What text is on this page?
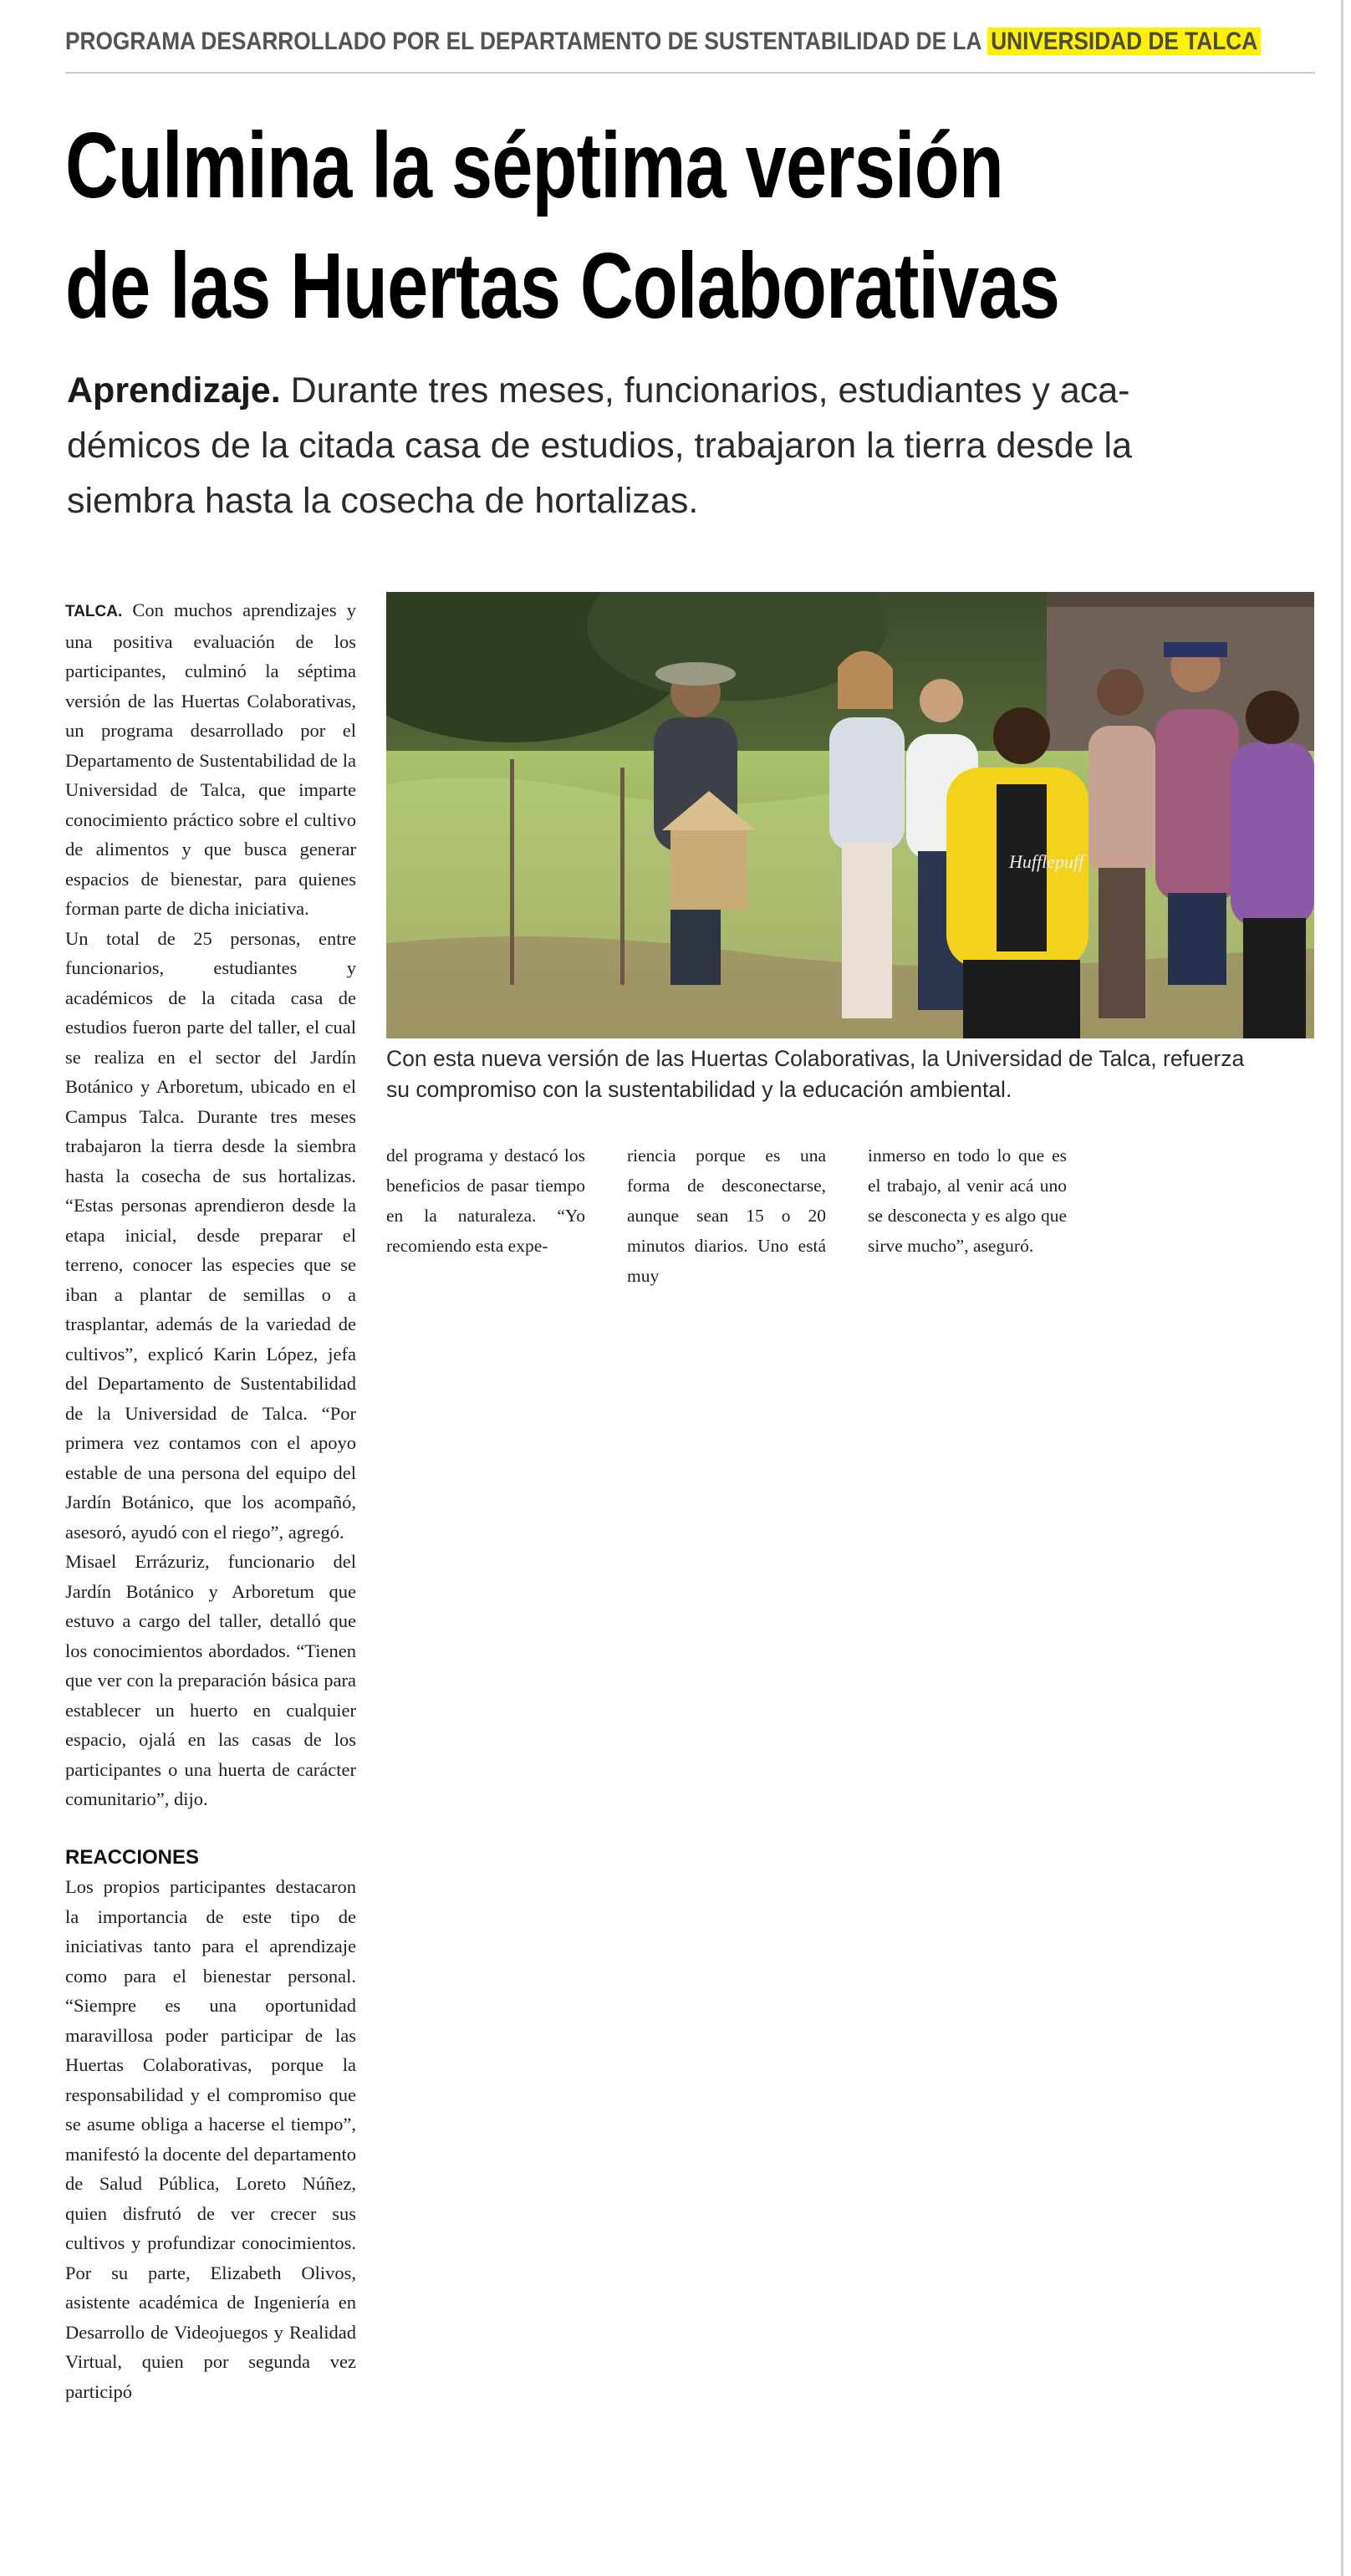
PROGRAMA DESARROLLADO POR EL DEPARTAMENTO DE SUSTENTABILIDAD DE LA UNIVERSIDAD DE TALCA
Culmina la séptima versión
de las Huertas Colaborativas
Aprendizaje. Durante tres meses, funcionarios, estudiantes y aca-
démicos de la citada casa de estudios, trabajaron la tierra desde la
siembra hasta la cosecha de hortalizas.

TALCA. Con muchos aprendizajes y una positiva evaluación de los participantes, culminó la séptima versión de las Huertas Colaborativas, un programa desarrollado por el Departamento de Sustentabilidad de la Universidad de Talca, que imparte conocimiento práctico sobre el cultivo de alimentos y que busca generar espacios de bienestar, para quienes forman parte de dicha iniciativa.

Un total de 25 personas, entre funcionarios, estudiantes y académicos de la citada casa de estudios fueron parte del taller, el cual se realiza en el sector del Jardín Botánico y Arboretum, ubicado en el Campus Talca. Durante tres meses trabajaron la tierra desde la siembra hasta la cosecha de sus hortalizas. “Estas personas aprendieron desde la etapa inicial, desde preparar el terreno, conocer las especies que se iban a plantar de semillas o a trasplantar, además de la variedad de cultivos”, explicó Karin López, jefa del Departamento de Sustentabilidad de la Universidad de Talca. “Por primera vez contamos con el apoyo estable de una persona del equipo del Jardín Botánico, que los acompañó, asesoró, ayudó con el riego”, agregó.

Misael Errázuriz, funcionario del Jardín Botánico y Arboretum que estuvo a cargo del taller, detalló que los conocimientos abordados. “Tienen que ver con la preparación básica para establecer un huerto en cualquier espacio, ojalá en las casas de los participantes o una huerta de carácter comunitario”, dijo.

REACCIONES

Los propios participantes destacaron la importancia de este tipo de iniciativas tanto para el aprendizaje como para el bienestar personal. “Siempre es una oportunidad maravillosa poder participar de las Huertas Colaborativas, porque la responsabilidad y el compromiso que se asume obliga a hacerse el tiempo”, manifestó la docente del departamento de Salud Pública, Loreto Núñez, quien disfrutó de ver crecer sus cultivos y profundizar conocimientos. Por su parte, Elizabeth Olivos, asistente académica de Ingeniería en Desarrollo de Videojuegos y Realidad Virtual, quien por segunda vez participó

Hufflepuff
Con esta nueva versión de las Huertas Colaborativas, la Universidad de Talca, refuerza
su compromiso con la sustentabilidad y la educación ambiental.

del programa y destacó los beneficios de pasar tiempo en la naturaleza. “Yo recomiendo esta expe-

riencia porque es una forma de desconectarse, aunque sean 15 o 20 minutos diarios. Uno está muy

inmerso en todo lo que es el trabajo, al venir acá uno se desconecta y es algo que sirve mucho”, aseguró.
